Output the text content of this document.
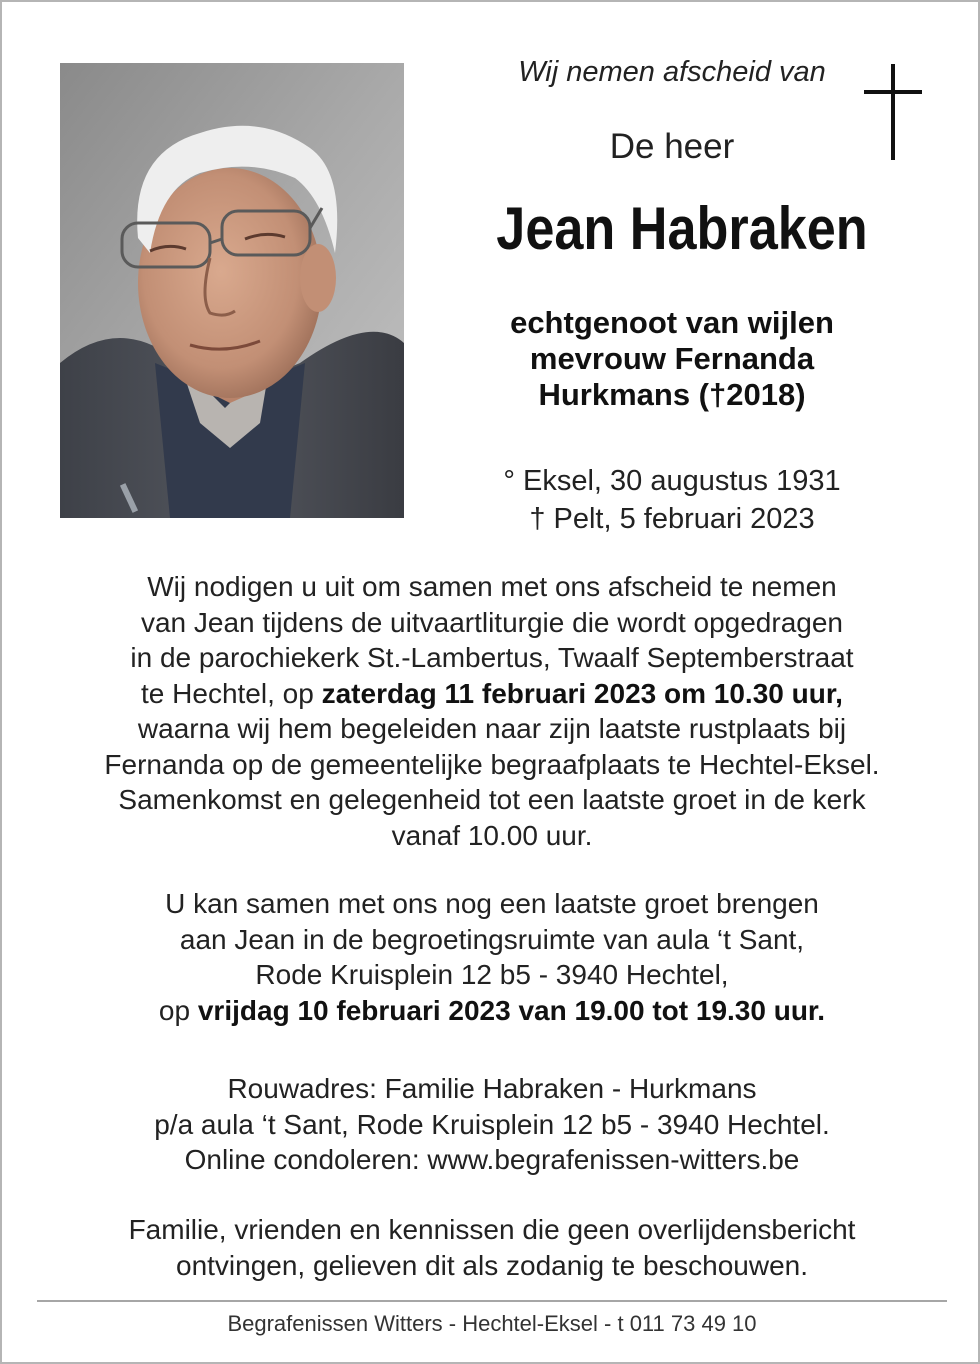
Wij nemen afscheid van
De heer
Jean Habraken
echtgenoot van wijlen
mevrouw Fernanda
Hurkmans (†2018)
° Eksel, 30 augustus 1931
† Pelt, 5 februari 2023
Wij nodigen u uit om samen met ons afscheid te nemen
van Jean tijdens de uitvaartliturgie die wordt opgedragen
in de parochiekerk St.-Lambertus, Twaalf Septemberstraat
te Hechtel, op zaterdag 11 februari 2023 om 10.30 uur,
waarna wij hem begeleiden naar zijn laatste rustplaats bij
Fernanda op de gemeentelijke begraafplaats te Hechtel-Eksel.
Samenkomst en gelegenheid tot een laatste groet in de kerk
vanaf 10.00 uur.
U kan samen met ons nog een laatste groet brengen
aan Jean in de begroetingsruimte van aula ‘t Sant,
Rode Kruisplein 12 b5 - 3940 Hechtel,
op vrijdag 10 februari 2023 van 19.00 tot 19.30 uur.
Rouwadres: Familie Habraken - Hurkmans
p/a aula ‘t Sant, Rode Kruisplein 12 b5 - 3940 Hechtel.
Online condoleren: www.begrafenissen-witters.be
Familie, vrienden en kennissen die geen overlijdensbericht
ontvingen, gelieven dit als zodanig te beschouwen.
Begrafenissen Witters - Hechtel-Eksel - t 011 73 49 10
